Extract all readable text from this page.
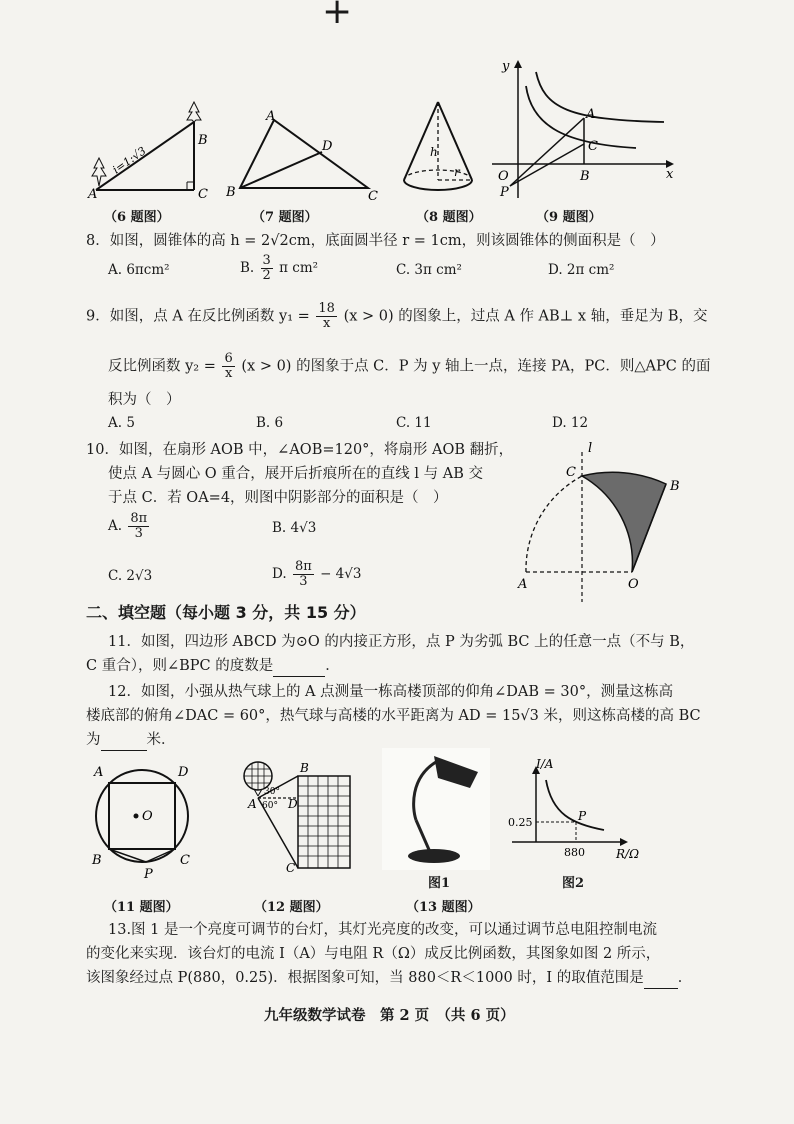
+
A
B
C
i=1:√3
（6 题图）
A
B	C
D
（7 题图）
h
r
（8 题图）
y
x
A
C
B
O
P
（9 题图）
8．如图，圆锥体的高 h = 2√2cm，底面圆半径 r = 1cm，则该圆锥体的侧面积是（　）
A. 6πcm²	B. $\frac{3}{2}$ π cm²	C. 3π cm²	D. 2π cm²
9．如图，点 A 在反比例函数 $y_1 = \frac{18}{x} (x > 0)$ 的图象上，过点 A 作 AB⊥ x 轴，垂足为 B，交
反比例函数 $y_2 = \frac{6}{x} (x > 0)$ 的图象于点 C．P 为 y 轴上一点，连接 PA，PC．则△APC 的面
积为（　）
A. 5	B. 6	C. 11	D. 12
10．如图，在扇形 AOB 中，∠AOB=120°，将扇形 AOB 翻折，
使点 A 与圆心 O 重合，展开后折痕所在的直线 l 与 AB 交
于点 C．若 OA=4，则图中阴影部分的面积是（　）
A. $\frac{8\pi}{3}$	B. 4√3
C. 2√3	D. $\frac{8\pi}{3} - 4√3$
l
C
B
A	O
二、填空题（每小题 3 分，共 15 分）
11．如图，四边形 ABCD 为⊙O 的内接正方形，点 P 为劣弧 BC 上的任意一点（不与 B，
C 重合），则∠BPC 的度数是	．
12．如图，小强从热气球上的 A 点测量一栋高楼顶部的仰角∠DAB = 30°，测量这栋高
楼底部的俯角∠DAC = 60°，热气球与高楼的水平距离为 AD = 15√3 米，则这栋高楼的高 BC
为	米．
A	D
O
B	C
P
（11 题图）
B
A	D
C
30°
60°
（12 题图）
图1
I/A
R/Ω
0.25
880
P
图2
（13 题图）
13.图 1 是一个亮度可调节的台灯，其灯光亮度的改变，可以通过调节总电阻控制电流
的变化来实现．该台灯的电流 I（A）与电阻 R（Ω）成反比例函数，其图象如图 2 所示，
该图象经过点 P(880，0.25)．根据图象可知，当 880＜R＜1000 时，I 的取值范围是 ．
九年级数学试卷　第 2 页　（共 6 页）
